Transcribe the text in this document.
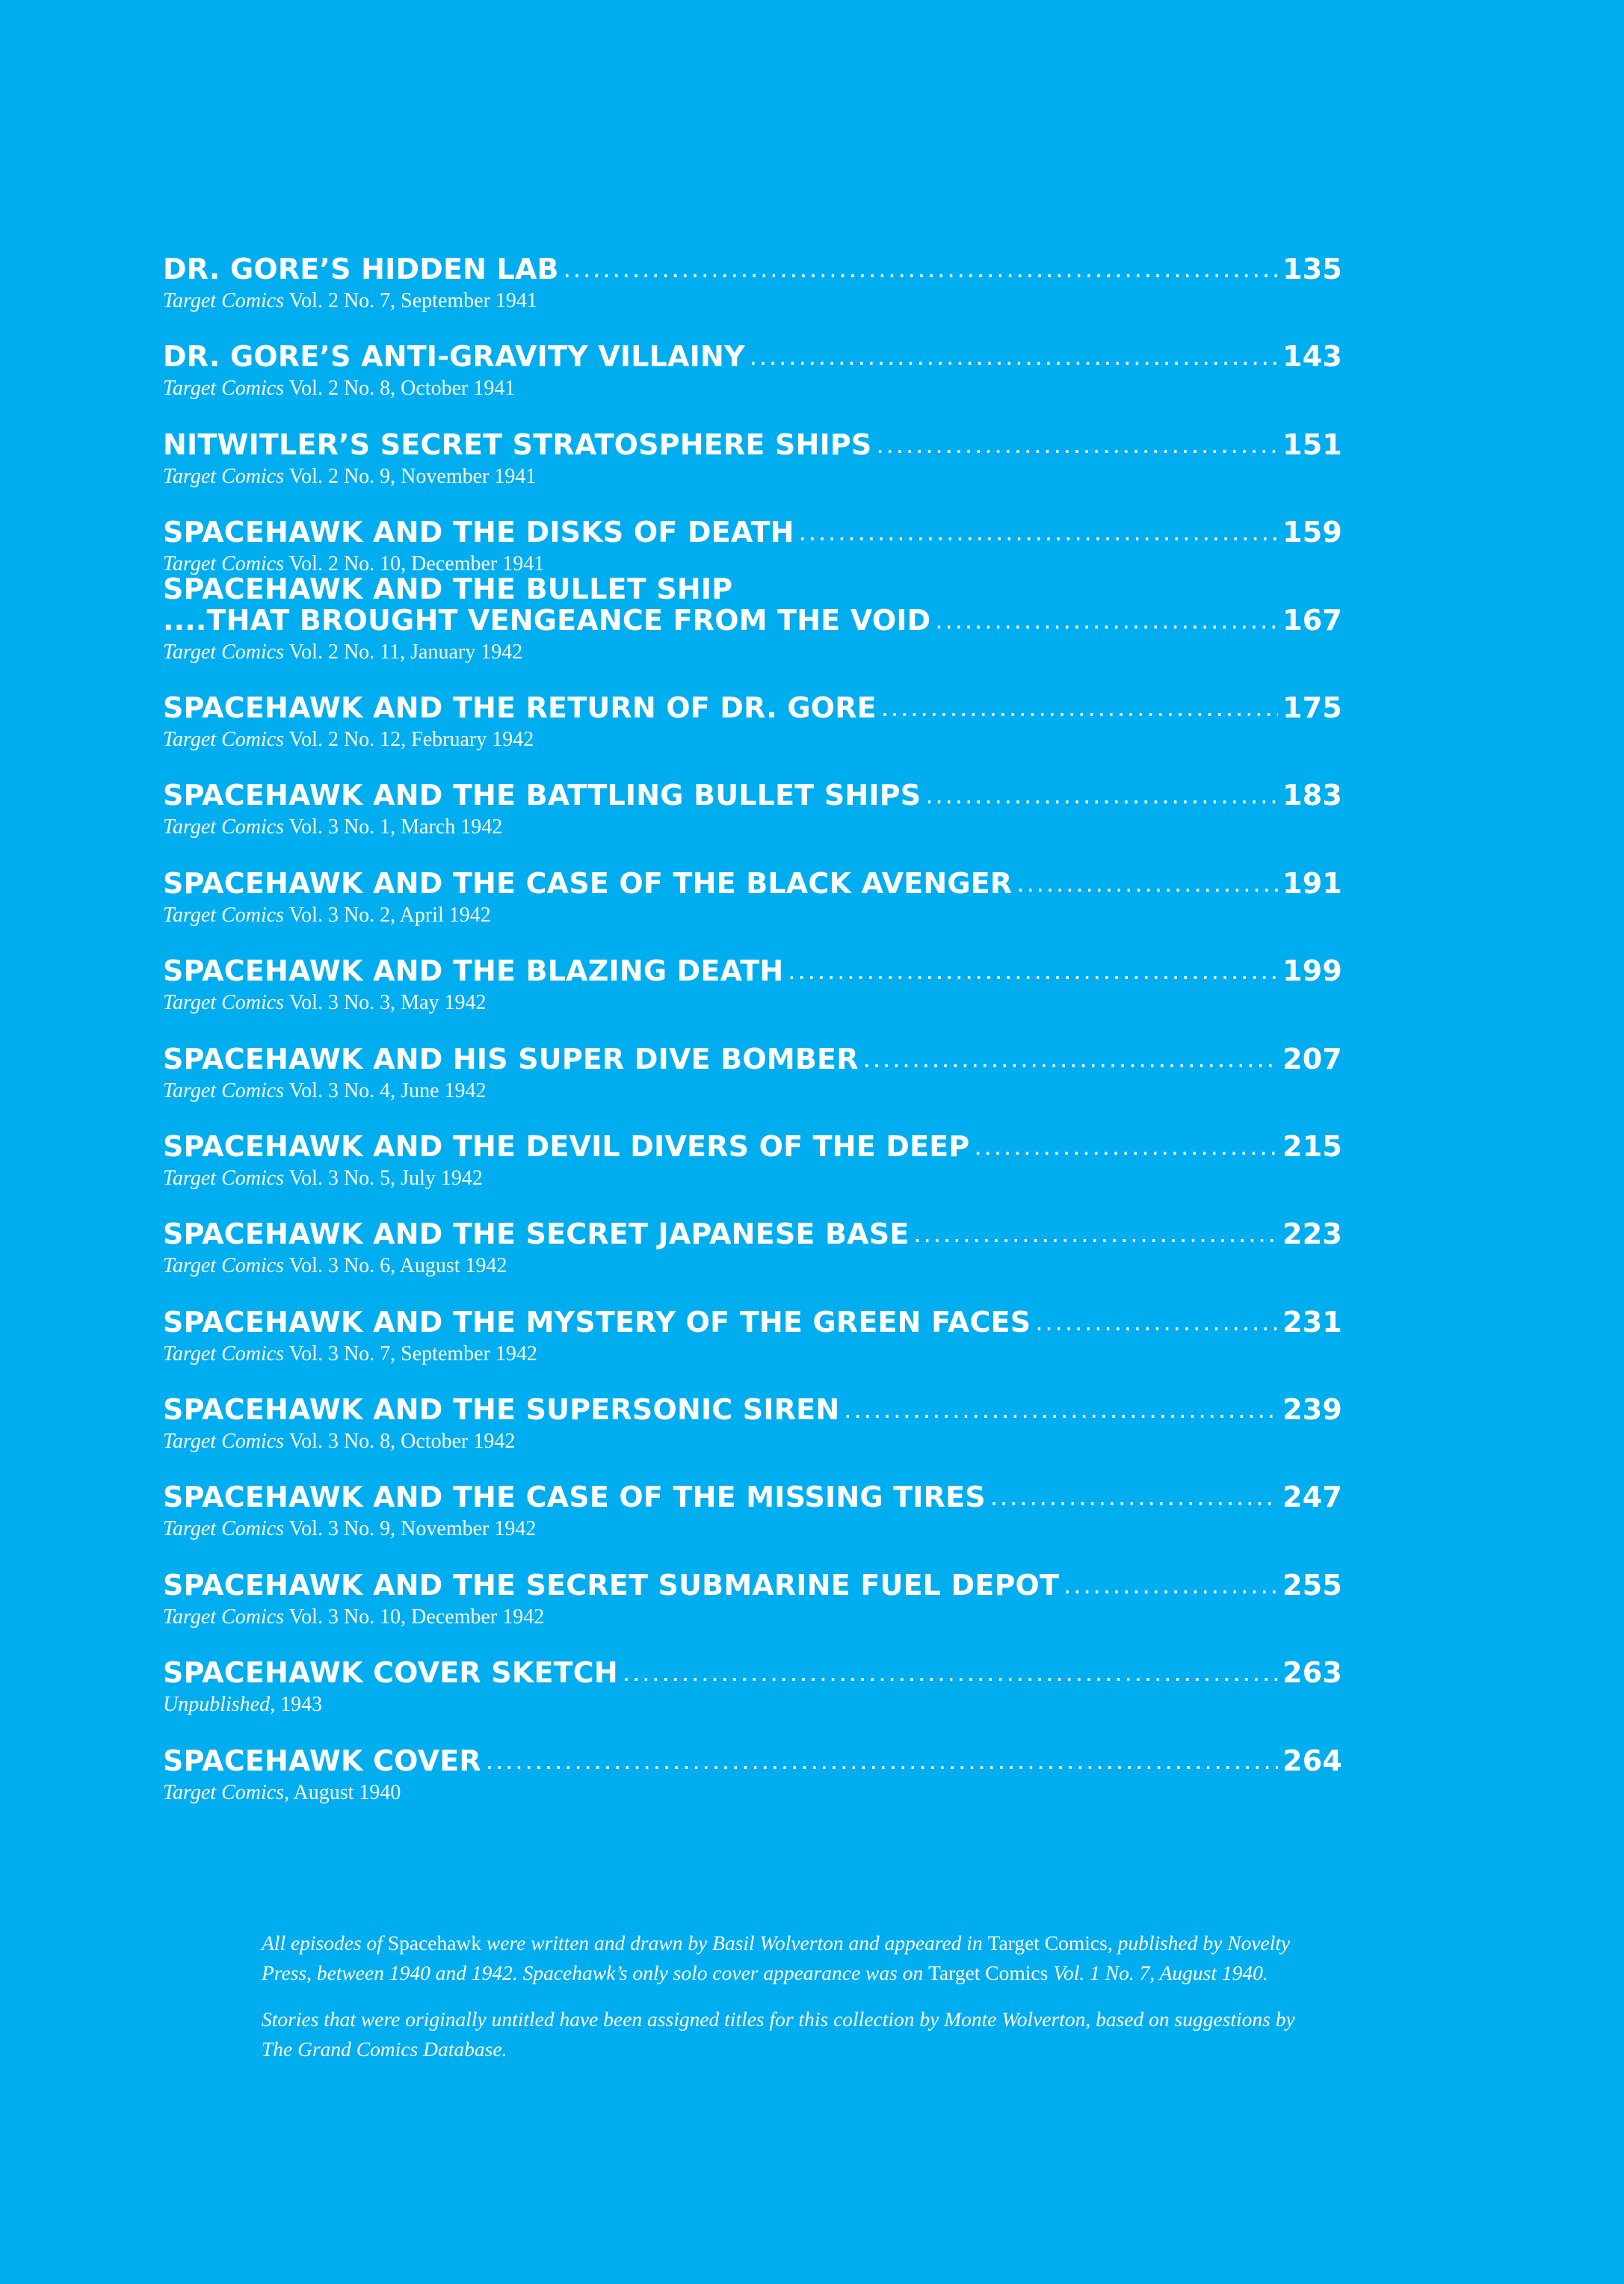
DR. GORE’S HIDDEN LAB .....	135
Target Comics Vol. 2 No. 7, September 1941
DR. GORE’S ANTI-GRAVITY VILLAINY .....	143
Target Comics Vol. 2 No. 8, October 1941
NITWITLER’S SECRET STRATOSPHERE SHIPS .....	151
Target Comics Vol. 2 No. 9, November 1941
SPACEHAWK AND THE DISKS OF DEATH .....	159
Target Comics Vol. 2 No. 10, December 1941
SPACEHAWK AND THE BULLET SHIP
....THAT BROUGHT VENGEANCE FROM THE VOID .....	167
Target Comics Vol. 2 No. 11, January 1942
SPACEHAWK AND THE RETURN OF DR. GORE .....	175
Target Comics Vol. 2 No. 12, February 1942
SPACEHAWK AND THE BATTLING BULLET SHIPS .....	183
Target Comics Vol. 3 No. 1, March 1942
SPACEHAWK AND THE CASE OF THE BLACK AVENGER .....	191
Target Comics Vol. 3 No. 2, April 1942
SPACEHAWK AND THE BLAZING DEATH .....	199
Target Comics Vol. 3 No. 3, May 1942
SPACEHAWK AND HIS SUPER DIVE BOMBER .....	207
Target Comics Vol. 3 No. 4, June 1942
SPACEHAWK AND THE DEVIL DIVERS OF THE DEEP .....	215
Target Comics Vol. 3 No. 5, July 1942
SPACEHAWK AND THE SECRET JAPANESE BASE .....	223
Target Comics Vol. 3 No. 6, August 1942
SPACEHAWK AND THE MYSTERY OF THE GREEN FACES .....	231
Target Comics Vol. 3 No. 7, September 1942
SPACEHAWK AND THE SUPERSONIC SIREN .....	239
Target Comics Vol. 3 No. 8, October 1942
SPACEHAWK AND THE CASE OF THE MISSING TIRES .....	247
Target Comics Vol. 3 No. 9, November 1942
SPACEHAWK AND THE SECRET SUBMARINE FUEL DEPOT .....	255
Target Comics Vol. 3 No. 10, December 1942
SPACEHAWK COVER SKETCH .....	263
Unpublished, 1943
SPACEHAWK COVER .....	264
Target Comics, August 1940

All episodes of Spacehawk were written and drawn by Basil Wolverton and appeared in Target Comics, published by Novelty Press, between 1940 and 1942. Spacehawk’s only solo cover appearance was on Target Comics Vol. 1 No. 7, August 1940.

Stories that were originally untitled have been assigned titles for this collection by Monte Wolverton, based on suggestions by The Grand Comics Database.
